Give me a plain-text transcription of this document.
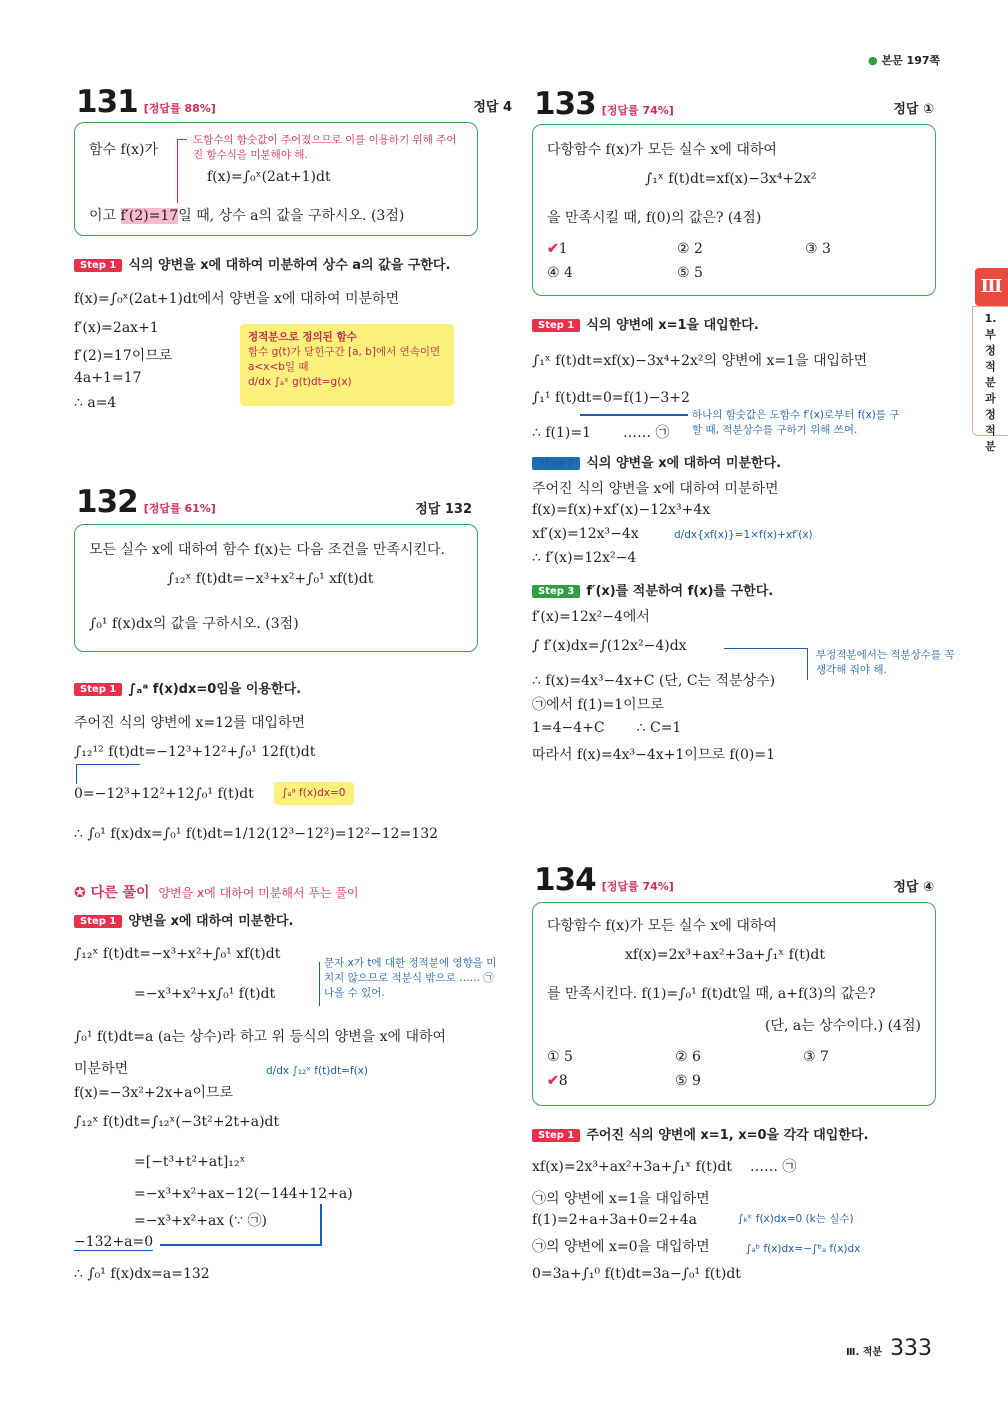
● 본문 197쪽
Ⅲ
1. 부정적분과 정적분
131 [정답률 88%]	정답 4
함수 f(x)가
도함수의 함숫값이 주어졌으므로 이를 이용하기 위해 주어진 함수식을 미분해야 해.
f(x)=∫₀ˣ(2at+1)dt
이고 f′(2)=17일 때, 상수 a의 값을 구하시오. (3점)
Step 1 식의 양변을 x에 대하여 미분하여 상수 a의 값을 구한다.
f(x)=∫₀ˣ(2at+1)dt에서 양변을 x에 대하여 미분하면
f′(x)=2ax+1
f′(2)=17이므로
4a+1=17
∴ a=4
정적분으로 정의된 함수
함수 g(t)가 닫힌구간 [a, b]에서 연속이면
a<x<b일 때
d/dx ∫ₐˣ g(t)dt=g(x)
132 [정답률 61%]	정답 132
모든 실수 x에 대하여 함수 f(x)는 다음 조건을 만족시킨다.
∫₁₂ˣ f(t)dt=−x³+x²+∫₀¹ xf(t)dt
∫₀¹ f(x)dx의 값을 구하시오. (3점)
Step 1 ∫ₐᵃ f(x)dx=0임을 이용한다.
주어진 식의 양변에 x=12를 대입하면
∫₁₂¹² f(t)dt=−12³+12²+∫₀¹ 12f(t)dt
0=−12³+12²+12∫₀¹ f(t)dt	∫ₐᵃ f(x)dx=0
∴ ∫₀¹ f(x)dx=∫₀¹ f(t)dt=1/12(12³−12²)=12²−12=132
✪ 다른 풀이 양변을 x에 대하여 미분해서 푸는 풀이
Step 1 양변을 x에 대하여 미분한다.
∫₁₂ˣ f(t)dt=−x³+x²+∫₀¹ xf(t)dt
=−x³+x²+x∫₀¹ f(t)dt
문자 x가 t에 대한 정적분에 영향을 미치지 않으므로 적분식 밖으로 …… ㉠ 나올 수 있어.
∫₀¹ f(t)dt=a (a는 상수)라 하고 위 등식의 양변을 x에 대하여
미분하면	d/dx ∫₁₂ˣ f(t)dt=f(x)
f(x)=−3x²+2x+a이므로
∫₁₂ˣ f(t)dt=∫₁₂ˣ(−3t²+2t+a)dt
=[−t³+t²+at]₁₂ˣ
=−x³+x²+ax−12(−144+12+a)
=−x³+x²+ax (∵ ㉠)
−132+a=0
∴ ∫₀¹ f(x)dx=a=132
133 [정답률 74%]	정답 ①
다항함수 f(x)가 모든 실수 x에 대하여
∫₁ˣ f(t)dt=xf(x)−3x⁴+2x²
을 만족시킬 때, f(0)의 값은? (4점)
✔1	② 2	③ 3
④ 4	⑤ 5
Step 1 식의 양변에 x=1을 대입한다.
∫₁ˣ f(t)dt=xf(x)−3x⁴+2x²의 양변에 x=1을 대입하면
∫₁¹ f(t)dt=0=f(1)−3+2
하나의 함숫값은 도함수 f′(x)로부터 f(x)를 구할 때, 적분상수를 구하기 위해 쓰여.
∴ f(1)=1 …… ㉠
Step 2 식의 양변을 x에 대하여 미분한다.
주어진 식의 양변을 x에 대하여 미분하면
f(x)=f(x)+xf′(x)−12x³+4x
xf′(x)=12x³−4x	d/dx{xf(x)}=1×f(x)+xf′(x)
∴ f′(x)=12x²−4
Step 3 f′(x)를 적분하여 f(x)를 구한다.
f′(x)=12x²−4에서
∫ f′(x)dx=∫(12x²−4)dx
부정적분에서는 적분상수를 꼭 생각해 줘야 해.
∴ f(x)=4x³−4x+C (단, C는 적분상수)
㉠에서 f(1)=1이므로
1=4−4+C ∴ C=1
따라서 f(x)=4x³−4x+1이므로 f(0)=1
134 [정답률 74%]	정답 ④
다항함수 f(x)가 모든 실수 x에 대하여
xf(x)=2x³+ax²+3a+∫₁ˣ f(t)dt
를 만족시킨다. f(1)=∫₀¹ f(t)dt일 때, a+f(3)의 값은?
(단, a는 상수이다.) (4점)
① 5	② 6	③ 7
✔8	⑤ 9
Step 1 주어진 식의 양변에 x=1, x=0을 각각 대입한다.
xf(x)=2x³+ax²+3a+∫₁ˣ f(t)dt …… ㉠
㉠의 양변에 x=1을 대입하면
f(1)=2+a+3a+0=2+4a	∫ₖᵏ f(x)dx=0 (k는 실수)
㉠의 양변에 x=0을 대입하면	∫ₐᵇ f(x)dx=−∫ᵇₐ f(x)dx
0=3a+∫₁⁰ f(t)dt=3a−∫₀¹ f(t)dt
Ⅲ. 적분 333
